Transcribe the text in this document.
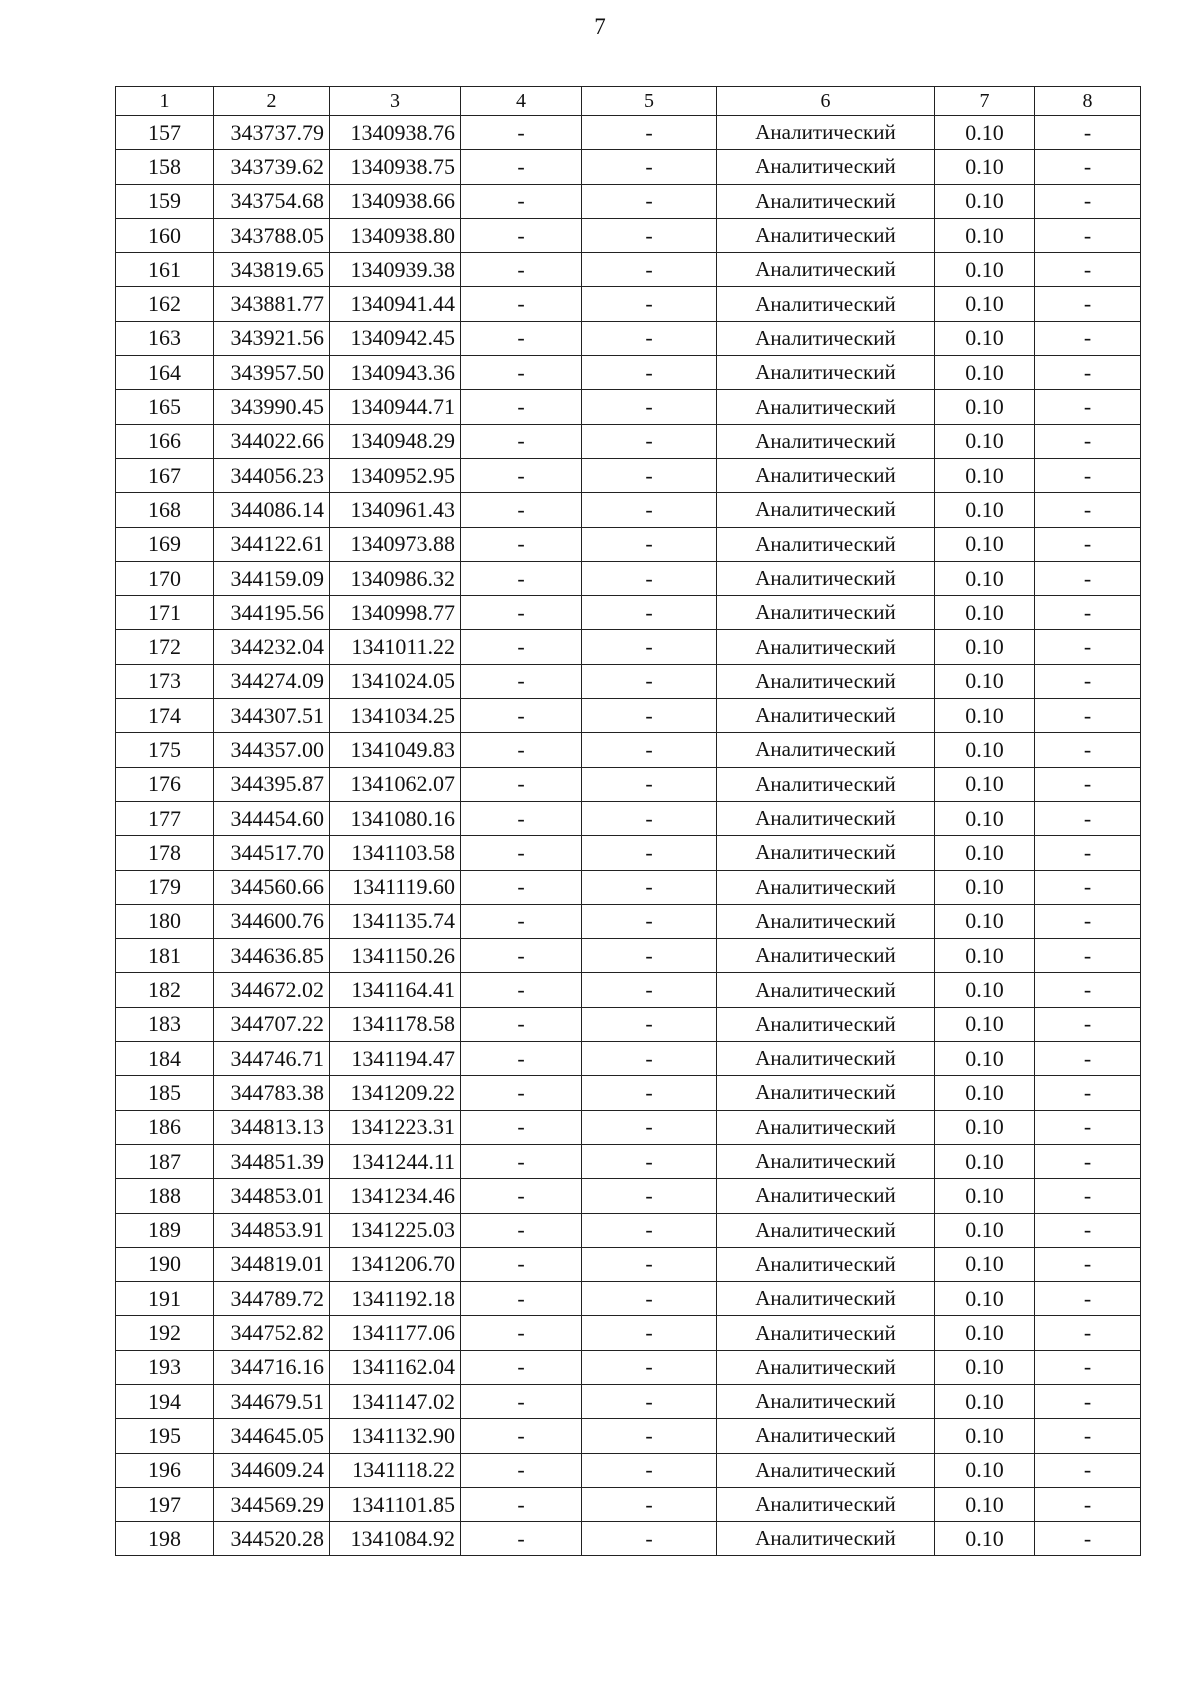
7
1	2	3	4	5	6	7	8
157	343737.79	1340938.76	-	-	Аналитический	0.10	-
158	343739.62	1340938.75	-	-	Аналитический	0.10	-
159	343754.68	1340938.66	-	-	Аналитический	0.10	-
160	343788.05	1340938.80	-	-	Аналитический	0.10	-
161	343819.65	1340939.38	-	-	Аналитический	0.10	-
162	343881.77	1340941.44	-	-	Аналитический	0.10	-
163	343921.56	1340942.45	-	-	Аналитический	0.10	-
164	343957.50	1340943.36	-	-	Аналитический	0.10	-
165	343990.45	1340944.71	-	-	Аналитический	0.10	-
166	344022.66	1340948.29	-	-	Аналитический	0.10	-
167	344056.23	1340952.95	-	-	Аналитический	0.10	-
168	344086.14	1340961.43	-	-	Аналитический	0.10	-
169	344122.61	1340973.88	-	-	Аналитический	0.10	-
170	344159.09	1340986.32	-	-	Аналитический	0.10	-
171	344195.56	1340998.77	-	-	Аналитический	0.10	-
172	344232.04	1341011.22	-	-	Аналитический	0.10	-
173	344274.09	1341024.05	-	-	Аналитический	0.10	-
174	344307.51	1341034.25	-	-	Аналитический	0.10	-
175	344357.00	1341049.83	-	-	Аналитический	0.10	-
176	344395.87	1341062.07	-	-	Аналитический	0.10	-
177	344454.60	1341080.16	-	-	Аналитический	0.10	-
178	344517.70	1341103.58	-	-	Аналитический	0.10	-
179	344560.66	1341119.60	-	-	Аналитический	0.10	-
180	344600.76	1341135.74	-	-	Аналитический	0.10	-
181	344636.85	1341150.26	-	-	Аналитический	0.10	-
182	344672.02	1341164.41	-	-	Аналитический	0.10	-
183	344707.22	1341178.58	-	-	Аналитический	0.10	-
184	344746.71	1341194.47	-	-	Аналитический	0.10	-
185	344783.38	1341209.22	-	-	Аналитический	0.10	-
186	344813.13	1341223.31	-	-	Аналитический	0.10	-
187	344851.39	1341244.11	-	-	Аналитический	0.10	-
188	344853.01	1341234.46	-	-	Аналитический	0.10	-
189	344853.91	1341225.03	-	-	Аналитический	0.10	-
190	344819.01	1341206.70	-	-	Аналитический	0.10	-
191	344789.72	1341192.18	-	-	Аналитический	0.10	-
192	344752.82	1341177.06	-	-	Аналитический	0.10	-
193	344716.16	1341162.04	-	-	Аналитический	0.10	-
194	344679.51	1341147.02	-	-	Аналитический	0.10	-
195	344645.05	1341132.90	-	-	Аналитический	0.10	-
196	344609.24	1341118.22	-	-	Аналитический	0.10	-
197	344569.29	1341101.85	-	-	Аналитический	0.10	-
198	344520.28	1341084.92	-	-	Аналитический	0.10	-
